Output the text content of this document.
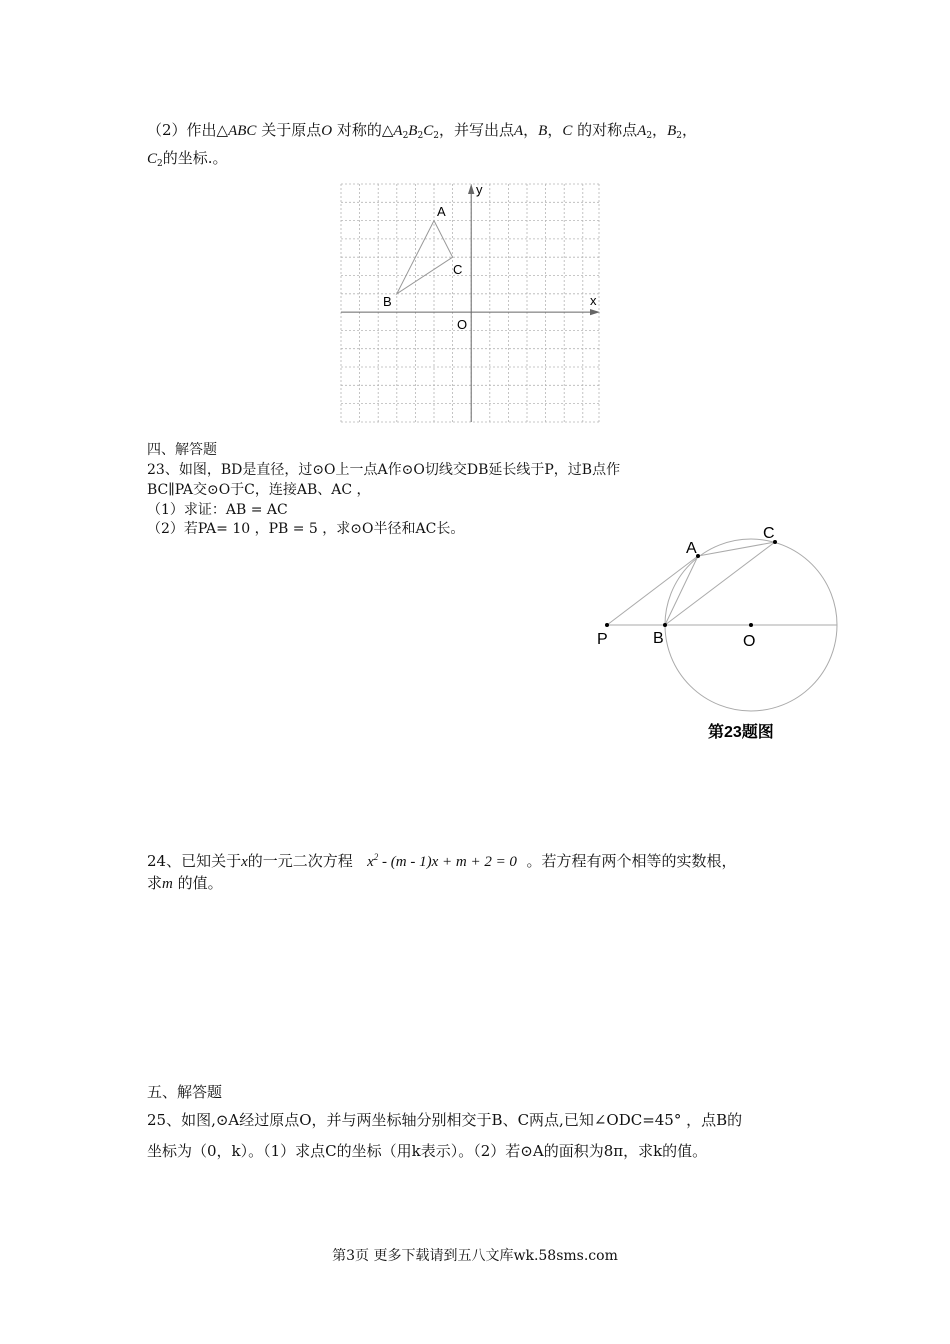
（2）作出△ABC 关于原点O 对称的$\triangle A_2B_2C_2$，并写出点A，B，C 的对称点$A_2$，$B_2$，
$C_2$的坐标.。
y
x
O
A
B
C
四、解答题
23、如图，BD是直径，过⊙O上一点A作⊙O切线交DB延长线于P，过B点作
BC∥PA交⊙O于C，连接AB、AC ，
（1）求证：AB = AC
（2）若PA= 10 ，PB = 5 ，求⊙O半径和AC长。
A
C
P	B	O
第23题图
24、已知关于x的一元二次方程 $x^2 - (m - 1)x + m + 2 = 0$ 。若方程有两个相等的实数根，
求m 的值。
五、解答题
25、如图,⊙A经过原点O，并与两坐标轴分别相交于B、C两点,已知∠ODC=45° ，点B的
坐标为（0，k）。（1）求点C的坐标（用k表示）。（2）若⊙A的面积为8π，求k的值。
第3页 更多下载请到五八文库wk.58sms.com
